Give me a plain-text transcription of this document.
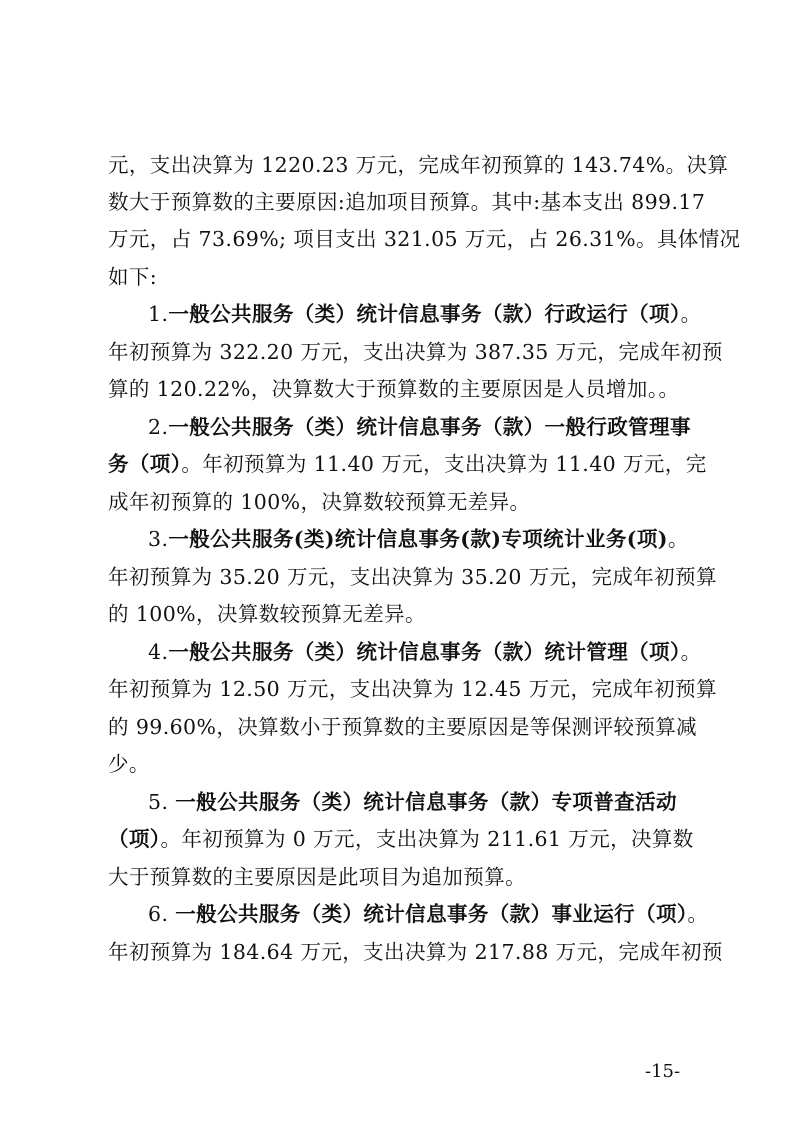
元，支出决算为 1220.23 万元，完成年初预算的 143.74%。决算
数大于预算数的主要原因:追加项目预算。其中:基本支出 899.17
万元，占 73.69%; 项目支出 321.05 万元，占 26.31%。具体情况
如下:
1.一般公共服务（类）统计信息事务（款）行政运行（项）。
年初预算为 322.20 万元，支出决算为 387.35 万元，完成年初预
算的 120.22%，决算数大于预算数的主要原因是人员增加。。
2.一般公共服务（类）统计信息事务（款）一般行政管理事
务（项）。年初预算为 11.40 万元，支出决算为 11.40 万元，完
成年初预算的 100%，决算数较预算无差异。
3.一般公共服务(类)统计信息事务(款)专项统计业务(项)。
年初预算为 35.20 万元，支出决算为 35.20 万元，完成年初预算
的 100%，决算数较预算无差异。
4.一般公共服务（类）统计信息事务（款）统计管理（项）。
年初预算为 12.50 万元，支出决算为 12.45 万元，完成年初预算
的 99.60%，决算数小于预算数的主要原因是等保测评较预算减
少。
5. 一般公共服务（类）统计信息事务（款）专项普查活动
（项）。年初预算为 0 万元，支出决算为 211.61 万元，决算数
大于预算数的主要原因是此项目为追加预算。
6. 一般公共服务（类）统计信息事务（款）事业运行（项）。
年初预算为 184.64 万元，支出决算为 217.88 万元，完成年初预
-15-
